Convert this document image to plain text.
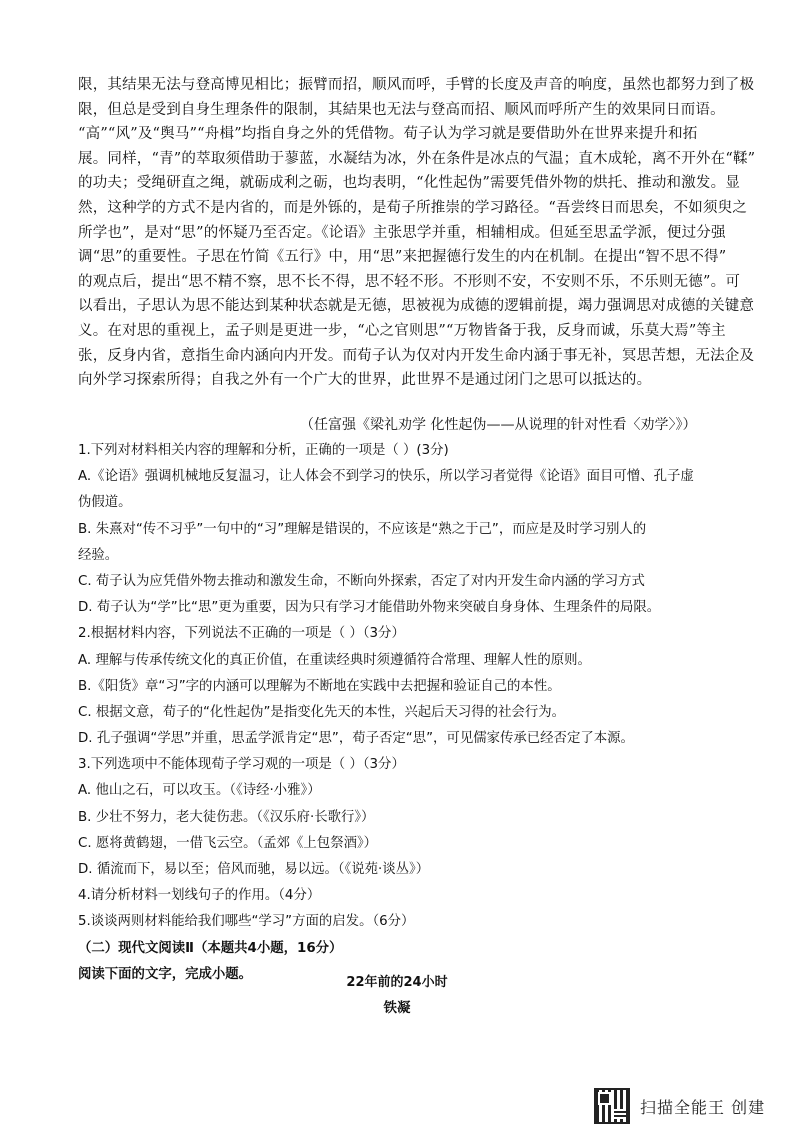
限，其结果无法与登高博见相比；振臂而招，顺风而呼，手臂的长度及声音的响度，虽然也都努力到了极
限，但总是受到自身生理条件的限制，其結果也无法与登高而招、顺风而呼所产生的效果同日而语。
“高”“风”及“舆马”“舟楫”均指自身之外的凭借物。荀子认为学习就是要借助外在世界来提升和拓
展。同样，“青”的萃取须借助于蓼蓝，水凝结为冰，外在条件是冰点的气温；直木成轮，离不开外在“鞣”
的功夫；受绳研直之绳，就砺成利之砺，也均表明，“化性起伪”需要凭借外物的烘托、推动和激发。显
然，这种学的方式不是内省的，而是外铄的，是荀子所推崇的学习路径。“吾尝终日而思矣，不如须臾之
所学也”，是对“思”的怀疑乃至否定。《论语》主张思学并重，相辅相成。但延至思孟学派，便过分强
调“思”的重要性。子思在竹简《五行》中，用“思”来把握德行发生的内在机制。在提出“智不思不得”
的观点后，提出“思不精不察，思不长不得，思不轻不形。不形则不安，不安则不乐，不乐则无德”。可
以看出，子思认为思不能达到某种状态就是无德，思被视为成德的逻辑前提，竭力强调思对成德的关键意
义。在对思的重视上，孟子则是更进一步，“心之官则思”“万物皆备于我，反身而诚，乐莫大焉”等主
张，反身内省，意指生命内涵向内开发。而荀子认为仅对内开发生命内涵于事无补，冥思苦想，无法企及
向外学习探索所得；自我之外有一个广大的世界，此世界不是通过闭门之思可以抵达的。
（任富强《梁礼劝学 化性起伪——从说理的针对性看〈劝学〉》）
1.下列对材料相关内容的理解和分析，正确的一项是（ ）(3分)
A.《论语》强调机械地反复温习，让人体会不到学习的快乐，所以学习者觉得《论语》面目可憎、孔子虚
伪假道。
B. 朱熹对“传不习乎”一句中的“习”理解是错误的，不应该是“熟之于己”，而应是及时学习别人的
经验。
C. 荀子认为应凭借外物去推动和激发生命，不断向外探索，否定了对内开发生命内涵的学习方式
D. 荀子认为“学”比“思”更为重要，因为只有学习才能借助外物来突破自身身体、生理条件的局限。
2.根据材料内容，下列说法不正确的一项是（ ）（3分）
A. 理解与传承传统文化的真正价值，在重读经典时须遵循符合常理、理解人性的原则。
B.《阳货》章“习”字的内涵可以理解为不断地在实践中去把握和验证自己的本性。
C. 根据文意，荀子的“化性起伪”是指变化先天的本性，兴起后天习得的社会行为。
D. 孔子强调“学思”并重，思孟学派肯定“思”，荀子否定“思”，可见儒家传承已经否定了本源。
3.下列选项中不能体现荀子学习观的一项是（ ）（3分）
A. 他山之石，可以攻玉。（《诗经·小雅》）
B. 少壮不努力，老大徒伤悲。（《汉乐府·长歌行》）
C. 愿将黄鹤翅，一借飞云空。（孟郊《上包祭酒》）
D. 循流而下，易以至；倍风而驰，易以远。（《说苑·谈丛》）
4.请分析材料一划线句子的作用。（4分）
5.谈谈两则材料能给我们哪些“学习”方面的启发。（6分）
（二）现代文阅读Ⅱ（本题共4小题，16分）
阅读下面的文字，完成小题。
22年前的24小时
铁凝
扫描全能王 创建
